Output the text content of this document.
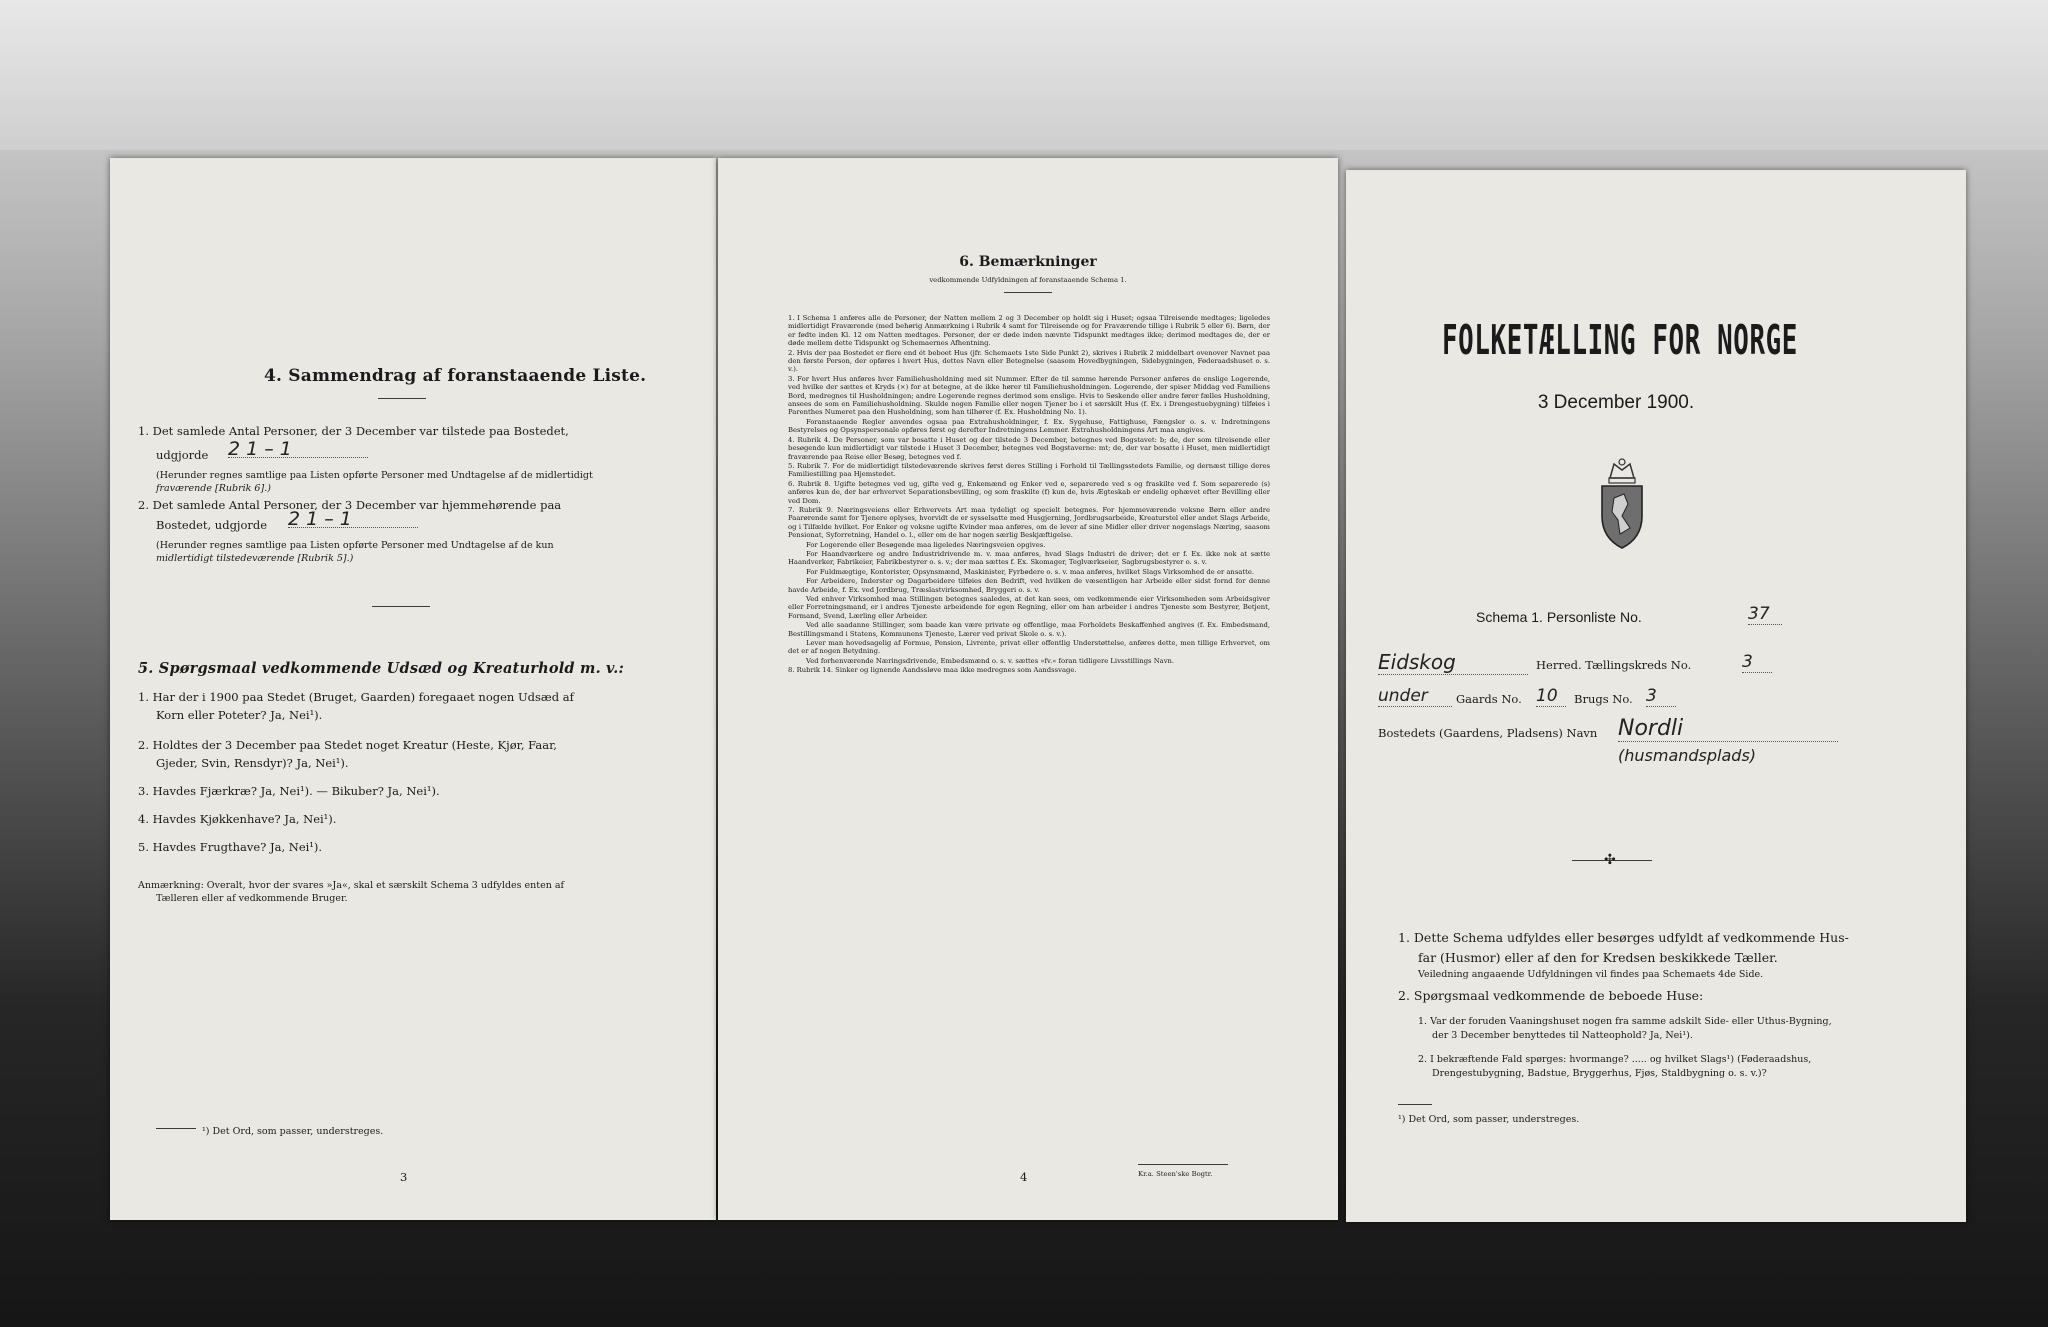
4. Sammendrag af foranstaaende Liste.
1. Det samlede Antal Personer, der 3 December var tilstede paa Bostedet,
udgjorde 2 1 – 1
(Herunder regnes samtlige paa Listen opførte Personer med Undtagelse af de midlertidigt
fraværende [Rubrik 6].)
2. Det samlede Antal Personer, der 3 December var hjemmehørende paa
Bostedet, udgjorde 2 1 – 1
(Herunder regnes samtlige paa Listen opførte Personer med Undtagelse af de kun
midlertidigt tilstedeværende [Rubrik 5].)
5. Spørgsmaal vedkommende Udsæd og Kreaturhold m. v.:
1. Har der i 1900 paa Stedet (Bruget, Gaarden) foregaaet nogen Udsæd af
Korn eller Poteter? Ja, Nei¹).
2. Holdtes der 3 December paa Stedet noget Kreatur (Heste, Kjør, Faar,
Gjeder, Svin, Rensdyr)? Ja, Nei¹).
3. Havdes Fjærkræ? Ja, Nei¹). — Bikuber? Ja, Nei¹).
4. Havdes Kjøkkenhave? Ja, Nei¹).
5. Havdes Frugthave? Ja, Nei¹).
Anmærkning: Overalt, hvor der svares »Ja«, skal et særskilt Schema 3 udfyldes enten af
Tælleren eller af vedkommende Bruger.
¹) Det Ord, som passer, understreges.
3
6. Bemærkninger
vedkommende Udfyldningen af foranstaaende Schema 1.
1. I Schema 1 anføres alle de Personer, der Natten mellem 2 og 3 December op holdt sig i Huset; ogsaa Tilreisende medtages; ligeledes midlertidigt Fraværende (med behørig Anmærkning i Rubrik 4 samt for Tilreisende og for Fraværende tillige i Rubrik 5 eller 6). Børn, der er fødte inden Kl. 12 om Natten medtages. Personer, der er døde inden nævnte Tidspunkt medtages ikke; derimod medtages de, der er døde mellem dette Tidspunkt og Schemaernes Afhentning.
2. Hvis der paa Bostedet er flere end ét beboet Hus (jfr. Schemaets 1ste Side Punkt 2), skrives i Rubrik 2 middelbart ovenover Navnet paa den første Person, der opføres i hvert Hus, dettes Navn eller Betegnelse (saasom Hovedbygningen, Sidebygningen, Føderaadshuset o. s. v.).
3. For hvert Hus anføres hver Familiehusholdning med sit Nummer. Efter de til samme hørende Personer anføres de enslige Logerende, ved hvilke der sættes et Kryds (×) for at betegne, at de ikke hører til Familiehusholdningen. Logerende, der spiser Middag ved Familiens Bord, medregnes til Husholdningen; andre Logerende regnes derimod som enslige. Hvis to Søskende eller andre fører fælles Husholdning, ansees de som en Familiehusholdning. Skulde nogen Familie eller nogen Tjener bo i et særskilt Hus (f. Ex. i Drengestuebygning) tilføies i Parenthes Numeret paa den Husholdning, som han tilhører (f. Ex. Husholdning No. 1).
Foranstaaende Regler anvendes ogsaa paa Extrahusholdninger, f. Ex. Sygehuse, Fattighuse, Fængsler o. s. v. Indretningens Bestyrelses og Opsynspersonale opføres først og derefter Indretningens Lemmer. Extrahusholdningens Art maa angives.
4. Rubrik 4. De Personer, som var bosatte i Huset og der tilstede 3 December, betegnes ved Bogstavet: b; de, der som tilreisende eller besøgende kun midlertidigt var tilstede i Huset 3 December, betegnes ved Bogstaverne: mt; de, der var bosatte i Huset, men midlertidigt fraværende paa Reise eller Besøg, betegnes ved f.
5. Rubrik 7. For de midlertidigt tilstedeværende skrives først deres Stilling i Forhold til Tællingsstedets Familie, og dernæst tillige deres Familiestilling paa Hjemstedet.
6. Rubrik 8. Ugifte betegnes ved ug, gifte ved g, Enkemænd og Enker ved e, separerede ved s og fraskilte ved f. Som separerede (s) anføres kun de, der har erhvervet Separationsbevilling, og som fraskilte (f) kun de, hvis Ægteskab er endelig ophævet efter Bevilling eller ved Dom.
7. Rubrik 9. Næringsveiens eller Erhvervets Art maa tydeligt og specielt betegnes. For hjemmeværende voksne Børn eller andre Paarørende samt for Tjenere oplyses, hvorvidt de er sysselsatte med Husgjerning, Jordbrugsarbeide, Kreaturstel eller andet Slags Arbeide, og i Tilfælde hvilket. For Enker og voksne ugifte Kvinder maa anføres, om de lever af sine Midler eller driver nogenslags Næring, saasom Pensionat, Syforretning, Handel o. l., eller om de har nogen særlig Beskjæftigelse.
For Logerende eller Besøgende maa ligeledes Næringsveien opgives.
For Haandværkere og andre Industridrivende m. v. maa anføres, hvad Slags Industri de driver; det er f. Ex. ikke nok at sætte Haandverker, Fabrikeier, Fabrikbestyrer o. s. v.; der maa sættes f. Ex. Skomager, Teglværkseier, Sagbrugsbestyrer o. s. v.
For Fuldmægtige, Kontorister, Opsynsmænd, Maskinister, Fyrbødere o. s. v. maa anføres, hvilket Slags Virksomhed de er ansatte.
For Arbeidere, Inderster og Dagarbeidere tilføies den Bedrift, ved hvilken de væsentligen har Arbeide eller sidst fornd for denne havde Arbeide, f. Ex. ved Jordbrug, Træslastvirksomhed, Bryggeri o. s. v.
Ved enhver Virksomhed maa Stillingen betegnes saaledes, at det kan sees, om vedkommende eier Virksomheden som Arbeidsgiver eller Forretningsmand, er i andres Tjeneste arbeidende for egen Regning, eller om han arbeider i andres Tjeneste som Bestyrer, Betjent, Formand, Svend, Lærling eller Arbeider.
Ved alle saadanne Stillinger, som baade kan være private og offentlige, maa Forholdets Beskaffenhed angives (f. Ex. Embedsmand, Bestillingsmand i Statens, Kommunens Tjeneste, Lærer ved privat Skole o. s. v.).
Lever man hovedsagelig af Formue, Pension, Livrente, privat eller offentlig Understøttelse, anføres dette, men tillige Erhvervet, om det er af nogen Betydning.
Ved forhenværende Næringsdrivende, Embedsmænd o. s. v. sættes »fv.« foran tidligere Livsstillings Navn.
8. Rubrik 14. Sinker og lignende Aandssløve maa ikke medregnes som Aandssvage.
4	Kr.a. Steen'ske Bogtr.
FOLKETÆLLING FOR NORGE
3 December 1900.
Schema 1. Personliste No.	37
Eidskog	Herred. Tællingskreds No.	3
under	Gaards No. 10	Brugs No. 3
Bostedets (Gaardens, Pladsens) Navn Nordli
(husmandsplads)
✣
1. Dette Schema udfyldes eller besørges udfyldt af vedkommende Hus-
far (Husmor) eller af den for Kredsen beskikkede Tæller.
Veiledning angaaende Udfyldningen vil findes paa Schemaets 4de Side.
2. Spørgsmaal vedkommende de beboede Huse:
1. Var der foruden Vaaningshuset nogen fra samme adskilt Side- eller Uthus-Bygning,
der 3 December benyttedes til Natteophold? Ja, Nei¹).
2. I bekræftende Fald spørges: hvormange? ..... og hvilket Slags¹) (Føderaadshus,
Drengestubygning, Badstue, Bryggerhus, Fjøs, Staldbygning o. s. v.)?
¹) Det Ord, som passer, understreges.
